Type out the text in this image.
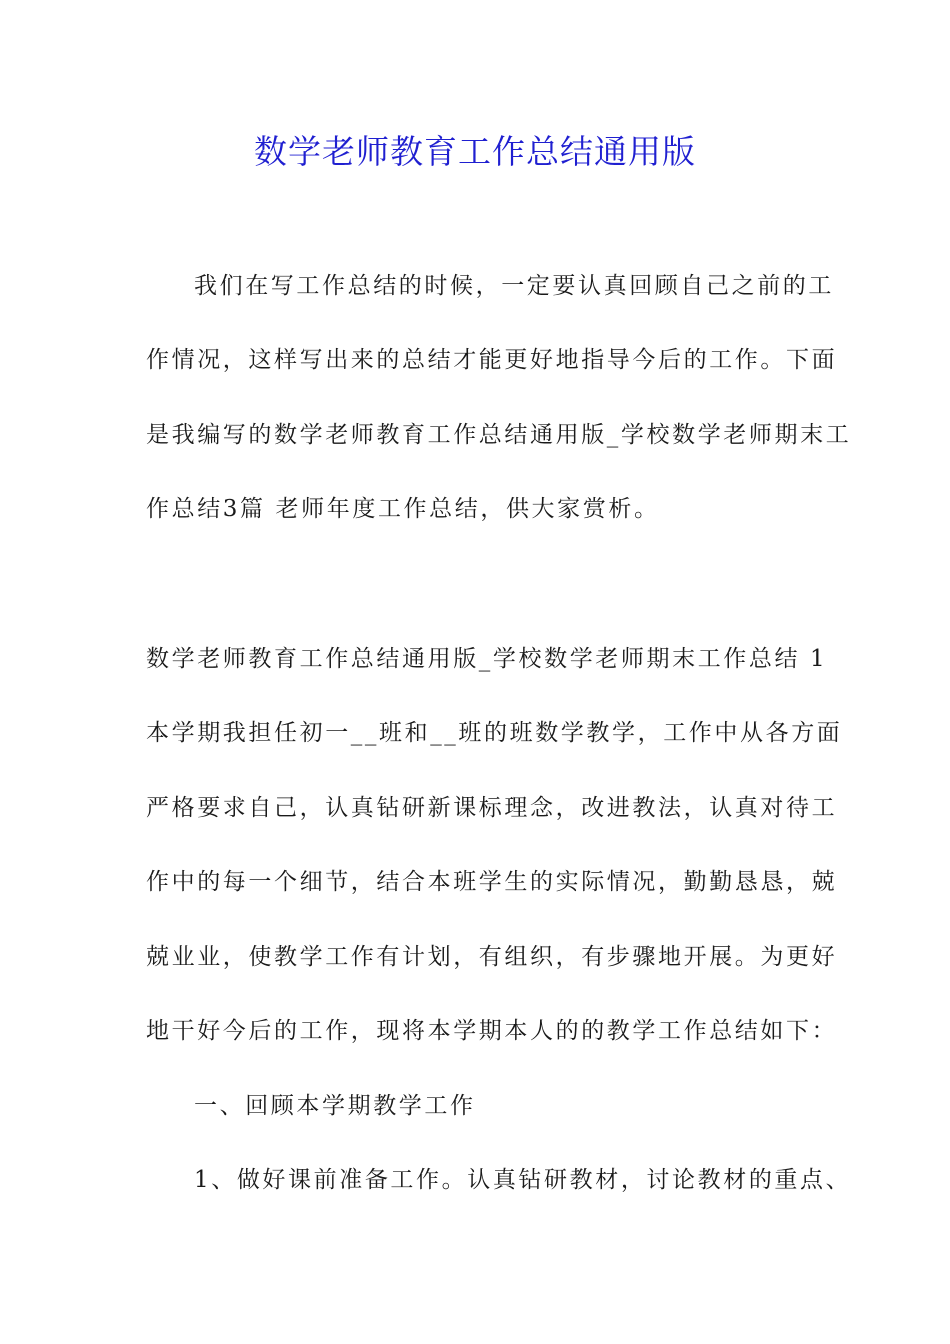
数学老师教育工作总结通用版
我们在写工作总结的时候，一定要认真回顾自己之前的工
作情况，这样写出来的总结才能更好地指导今后的工作。下面
是我编写的数学老师教育工作总结通用版_学校数学老师期末工
作总结3篇 老师年度工作总结，供大家赏析。
数学老师教育工作总结通用版_学校数学老师期末工作总结 1
本学期我担任初一__班和__班的班数学教学，工作中从各方面
严格要求自己，认真钻研新课标理念，改进教法，认真对待工
作中的每一个细节，结合本班学生的实际情况，勤勤恳恳，兢
兢业业，使教学工作有计划，有组织，有步骤地开展。为更好
地干好今后的工作，现将本学期本人的的教学工作总结如下：
一、回顾本学期教学工作
1、做好课前准备工作。认真钻研教材，讨论教材的重点、
